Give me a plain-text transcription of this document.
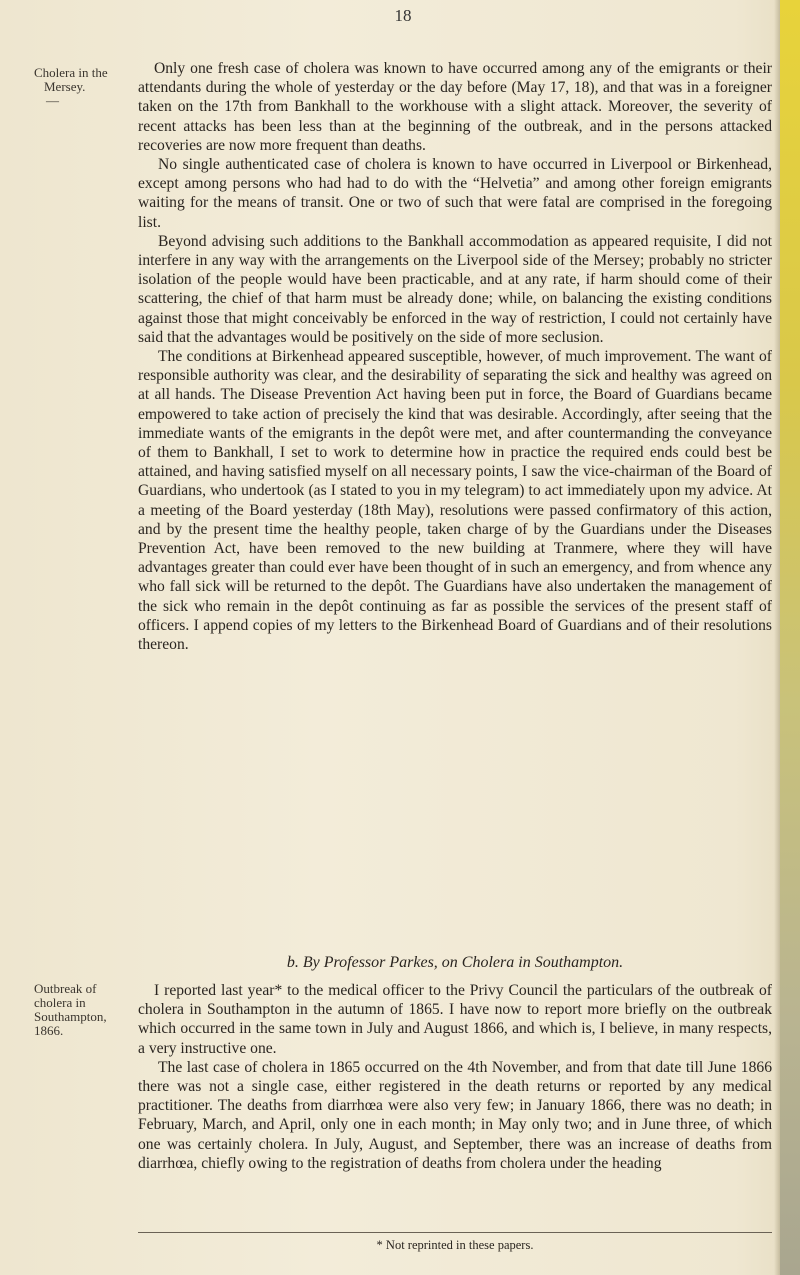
18
Cholera in the
Mersey.
—

Only one fresh case of cholera was known to have occurred among any of the emigrants or their attendants during the whole of yesterday or the day before (May 17, 18), and that was in a foreigner taken on the 17th from Bankhall to the workhouse with a slight attack. Moreover, the severity of recent attacks has been less than at the beginning of the outbreak, and in the persons attacked recoveries are now more frequent than deaths.

No single authenticated case of cholera is known to have occurred in Liverpool or Birkenhead, except among persons who had had to do with the “Helvetia” and among other foreign emigrants waiting for the means of transit. One or two of such that were fatal are comprised in the foregoing list.

Beyond advising such additions to the Bankhall accommodation as appeared requisite, I did not interfere in any way with the arrangements on the Liverpool side of the Mersey; probably no stricter isolation of the people would have been practicable, and at any rate, if harm should come of their scattering, the chief of that harm must be already done; while, on balancing the existing conditions against those that might conceivably be enforced in the way of restriction, I could not certainly have said that the advantages would be positively on the side of more seclusion.

The conditions at Birkenhead appeared susceptible, however, of much improvement. The want of responsible authority was clear, and the desirability of separating the sick and healthy was agreed on at all hands. The Disease Prevention Act having been put in force, the Board of Guardians became empowered to take action of precisely the kind that was desirable. Accordingly, after seeing that the immediate wants of the emigrants in the depôt were met, and after countermanding the conveyance of them to Bankhall, I set to work to determine how in practice the required ends could best be attained, and having satisfied myself on all necessary points, I saw the vice-chairman of the Board of Guardians, who undertook (as I stated to you in my telegram) to act immediately upon my advice. At a meeting of the Board yesterday (18th May), resolutions were passed confirmatory of this action, and by the present time the healthy people, taken charge of by the Guardians under the Diseases Prevention Act, have been removed to the new building at Tranmere, where they will have advantages greater than could ever have been thought of in such an emergency, and from whence any who fall sick will be returned to the depôt. The Guardians have also undertaken the management of the sick who remain in the depôt continuing as far as possible the services of the present staff of officers. I append copies of my letters to the Birkenhead Board of Guardians and of their resolutions thereon.

b. By Professor Parkes, on Cholera in Southampton.
Outbreak of
cholera in
Southampton,
1866.

I reported last year* to the medical officer to the Privy Council the particulars of the outbreak of cholera in Southampton in the autumn of 1865. I have now to report more briefly on the outbreak which occurred in the same town in July and August 1866, and which is, I believe, in many respects, a very instructive one.

The last case of cholera in 1865 occurred on the 4th November, and from that date till June 1866 there was not a single case, either registered in the death returns or reported by any medical practitioner. The deaths from diarrhœa were also very few; in January 1866, there was no death; in February, March, and April, only one in each month; in May only two; and in June three, of which one was certainly cholera. In July, August, and September, there was an increase of deaths from diarrhœa, chiefly owing to the registration of deaths from cholera under the heading

* Not reprinted in these papers.
